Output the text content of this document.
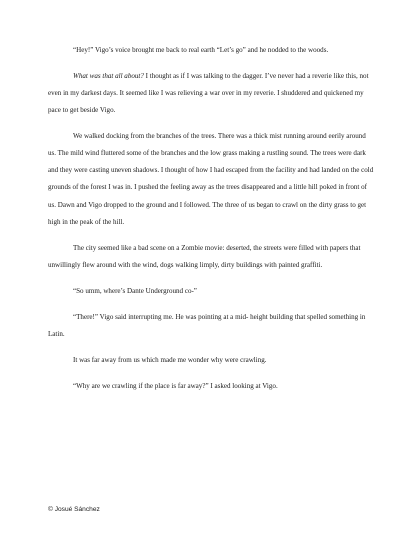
“Hey!” Vigo’s voice brought me back to real earth “Let’s go” and he nodded to the woods.

What was that all about? I thought as if I was talking to the dagger. I’ve never had a reverie like this, not even in my darkest days. It seemed like I was relieving a war over in my reverie. I shuddered and quickened my pace to get beside Vigo.

We walked docking from the branches of the trees. There was a thick mist running around eerily around us. The mild wind fluttered some of the branches and the low grass making a rustling sound. The trees were dark and they were casting uneven shadows. I thought of how I had escaped from the facility and had landed on the cold grounds of the forest I was in. I pushed the feeling away as the trees disappeared and a little hill poked in front of us. Dawn and Vigo dropped to the ground and I followed. The three of us began to crawl on the dirty grass to get high in the peak of the hill.

The city seemed like a bad scene on a Zombie movie: deserted, the streets were filled with papers that unwillingly flew around with the wind, dogs walking limply, dirty buildings with painted graffiti.

“So umm, where’s Dante Underground co-”

“There!” Vigo said interrupting me. He was pointing at a mid- height building that spelled something in Latin.

It was far away from us which made me wonder why were crawling.

“Why are we crawling if the place is far away?” I asked looking at Vigo.

© Josué Sánchez
